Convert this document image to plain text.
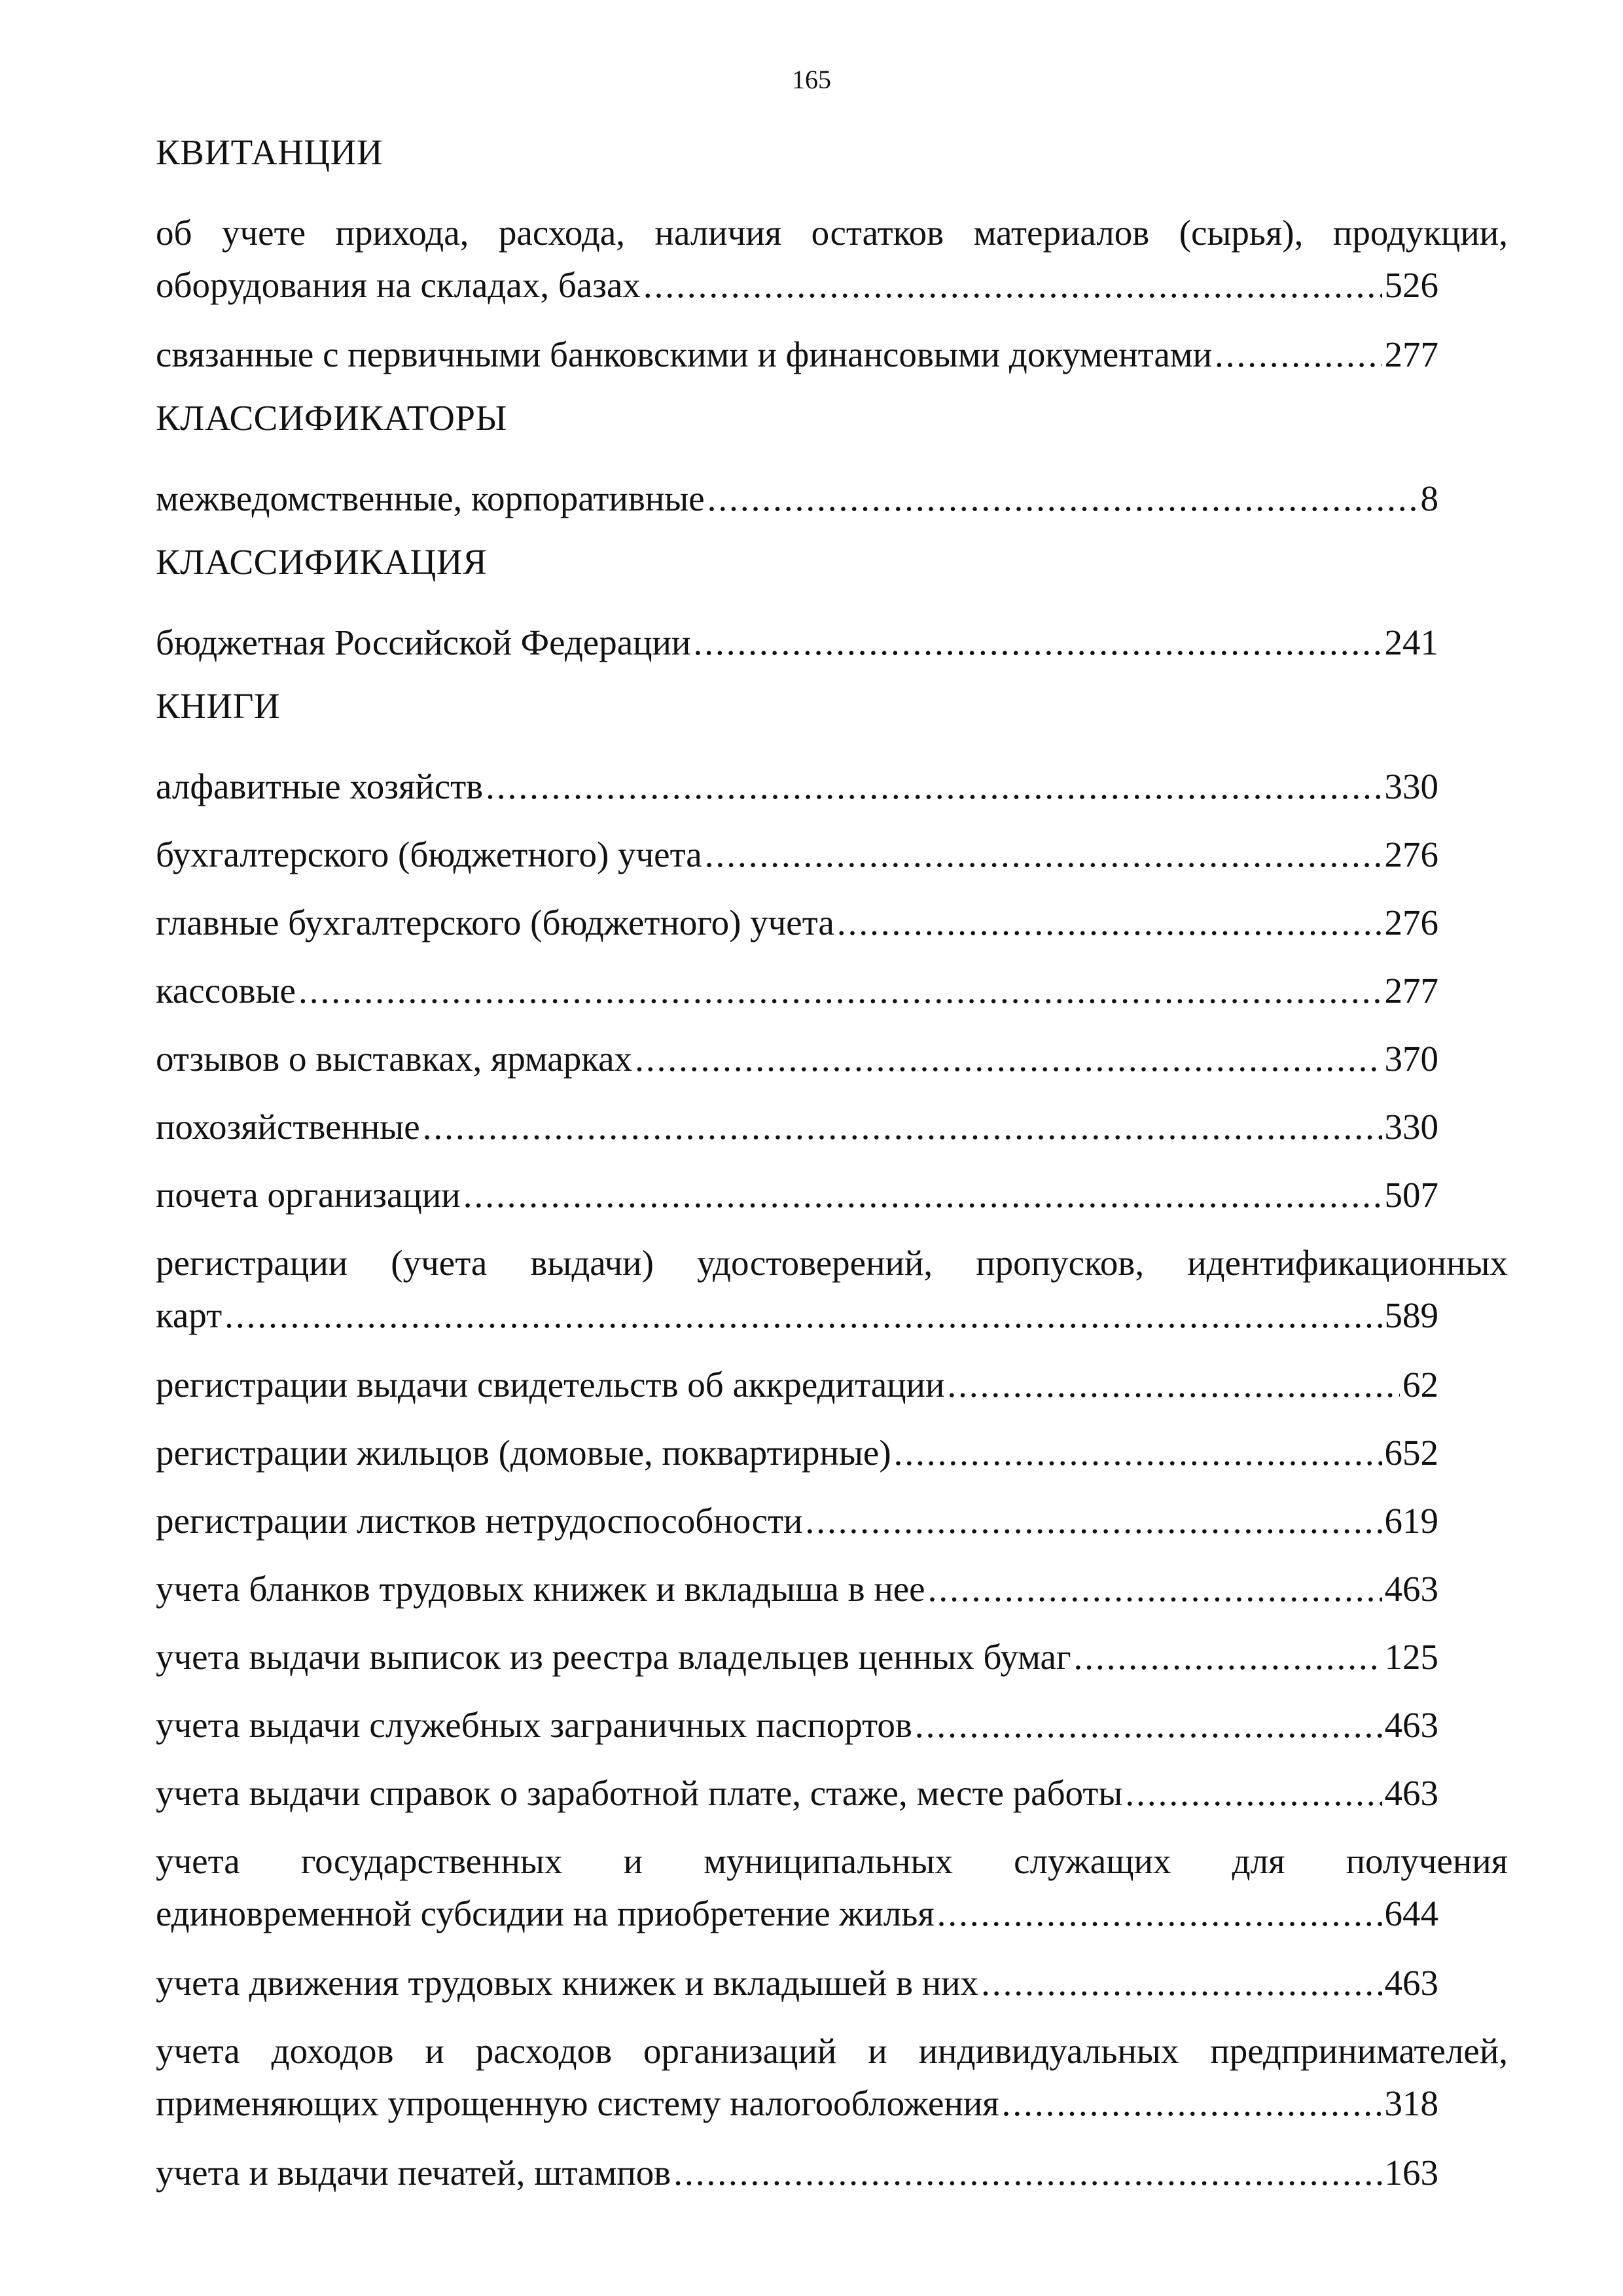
165
КВИТАНЦИИ
об учете прихода, расхода, наличия остатков материалов (сырья), продукции,
оборудования на складах, базах .....	526
связанные с первичными банковскими и финансовыми документами .....	277
КЛАССИФИКАТОРЫ
межведомственные, корпоративные .....	8
КЛАССИФИКАЦИЯ
бюджетная Российской Федерации .....	241
КНИГИ
алфавитные хозяйств .....	330
бухгалтерского (бюджетного) учета .....	276
главные бухгалтерского (бюджетного) учета .....	276
кассовые .....	277
отзывов о выставках, ярмарках .....	370
похозяйственные .....	330
почета организации .....	507
регистрации (учета выдачи) удостоверений, пропусков, идентификационных
карт .....	589
регистрации выдачи свидетельств об аккредитации .....	62
регистрации жильцов (домовые, поквартирные) .....	652
регистрации листков нетрудоспособности .....	619
учета бланков трудовых книжек и вкладыша в нее .....	463
учета выдачи выписок из реестра владельцев ценных бумаг .....	125
учета выдачи служебных заграничных паспортов .....	463
учета выдачи справок о заработной плате, стаже, месте работы .....	463
учета государственных и муниципальных служащих для получения
единовременной субсидии на приобретение жилья .....	644
учета движения трудовых книжек и вкладышей в них .....	463
учета доходов и расходов организаций и индивидуальных предпринимателей,
применяющих упрощенную систему налогообложения .....	318
учета и выдачи печатей, штампов .....	163
